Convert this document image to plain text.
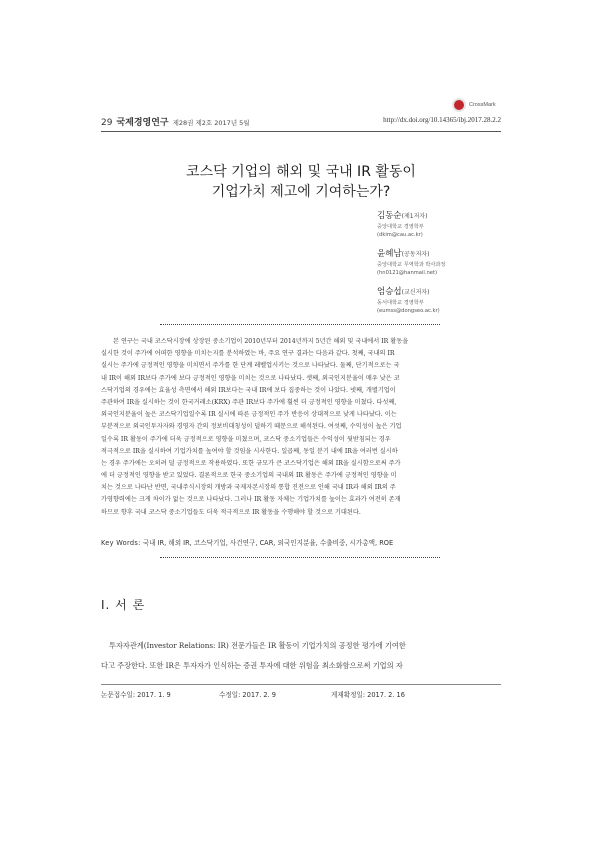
CrossMark
29 국제경영연구 제28권 제2호 2017년 5월	http://dx.doi.org/10.14365/ibj.2017.28.2.2
코스닥 기업의 해외 및 국내 IR 활동이
기업가치 제고에 기여하는가?
김동순(제1저자)
중앙대학교 경영학부
(dkim@cau.ac.kr)
윤혜남(공동저자)
중앙대학교 무역학과 박사과정
(hn0121@hanmail.net)
엄승섭(교신저자)
동서대학교 경영학부
(eumss@dongseo.ac.kr)
본 연구는 국내 코스닥시장에 상장된 중소기업이 2010년부터 2014년까지 5년간 해외 및 국내에서 IR 활동을
실시한 것이 주가에 어떠한 영향을 미치는지를 분석하였는 바, 주요 연구 결과는 다음과 같다. 첫째, 국내의 IR
실시는 주가에 긍정적인 영향을 미치면서 주가를 한 단계 레벨업시키는 것으로 나타났다. 둘째, 단기적으로는 국
내 IR이 해외 IR보다 주가에 보다 긍정적인 영향을 미치는 것으로 나타났다. 셋째, 외국인지분율이 매우 낮은 코
스닥기업의 경우에는 효율성 측면에서 해외 IR보다는 국내 IR에 보다 집중하는 것이 나았다. 넷째, 개별기업이
주관하여 IR을 실시하는 것이 한국거래소(KRX) 주관 IR보다 주가에 훨씬 더 긍정적인 영향을 미쳤다. 다섯째,
외국인지분율이 높은 코스닥기업일수록 IR 실시에 따른 긍정적인 주가 반응이 상대적으로 낮게 나타났다. 이는
부분적으로 외국인투자자와 경영자 간의 정보비대칭성이 덜하기 때문으로 해석된다. 여섯째, 수익성이 높은 기업
일수록 IR 활동이 주가에 더욱 긍정적으로 영향을 미쳤으며, 코스닥 중소기업들은 수익성이 뒷받침되는 경우
적극적으로 IR을 실시하여 기업가치를 높여야 할 것임을 시사한다. 일곱째, 동일 분기 내에 IR을 여러번 실시하
는 경우 주가에는 오히려 덜 긍정적으로 작용하였다. 또한 규모가 큰 코스닥기업은 해외 IR을 실시함으로써 주가
에 더 긍정적인 영향을 받고 있었다. 결론적으로 한국 중소기업의 국내외 IR 활동은 주가에 긍정적인 영향을 미
치는 것으로 나타난 반면, 국내주식시장의 개방과 국제자본시장의 통합 진전으로 인해 국내 IR과 해외 IR의 주
가영향력에는 크게 차이가 없는 것으로 나타났다. 그러나 IR 활동 자체는 기업가치를 높이는 효과가 여전히 존재
하므로 향후 국내 코스닥 중소기업들도 더욱 적극적으로 IR 활동을 수행해야 할 것으로 기대된다.
Key Words: 국내 IR, 해외 IR, 코스닥기업, 사건연구, CAR, 외국인지분율, 수출비중, 시가총액, ROE
Ⅰ. 서 론
투자자관계(Investor Relations: IR) 전문가들은 IR 활동이 기업가치의 공정한 평가에 기여한
다고 주장한다. 또한 IR은 투자자가 인식하는 증권 투자에 대한 위험을 최소화함으로써 기업의 자
논문접수일: 2017. 1. 9	수정일: 2017. 2. 9	게재확정일: 2017. 2. 16
